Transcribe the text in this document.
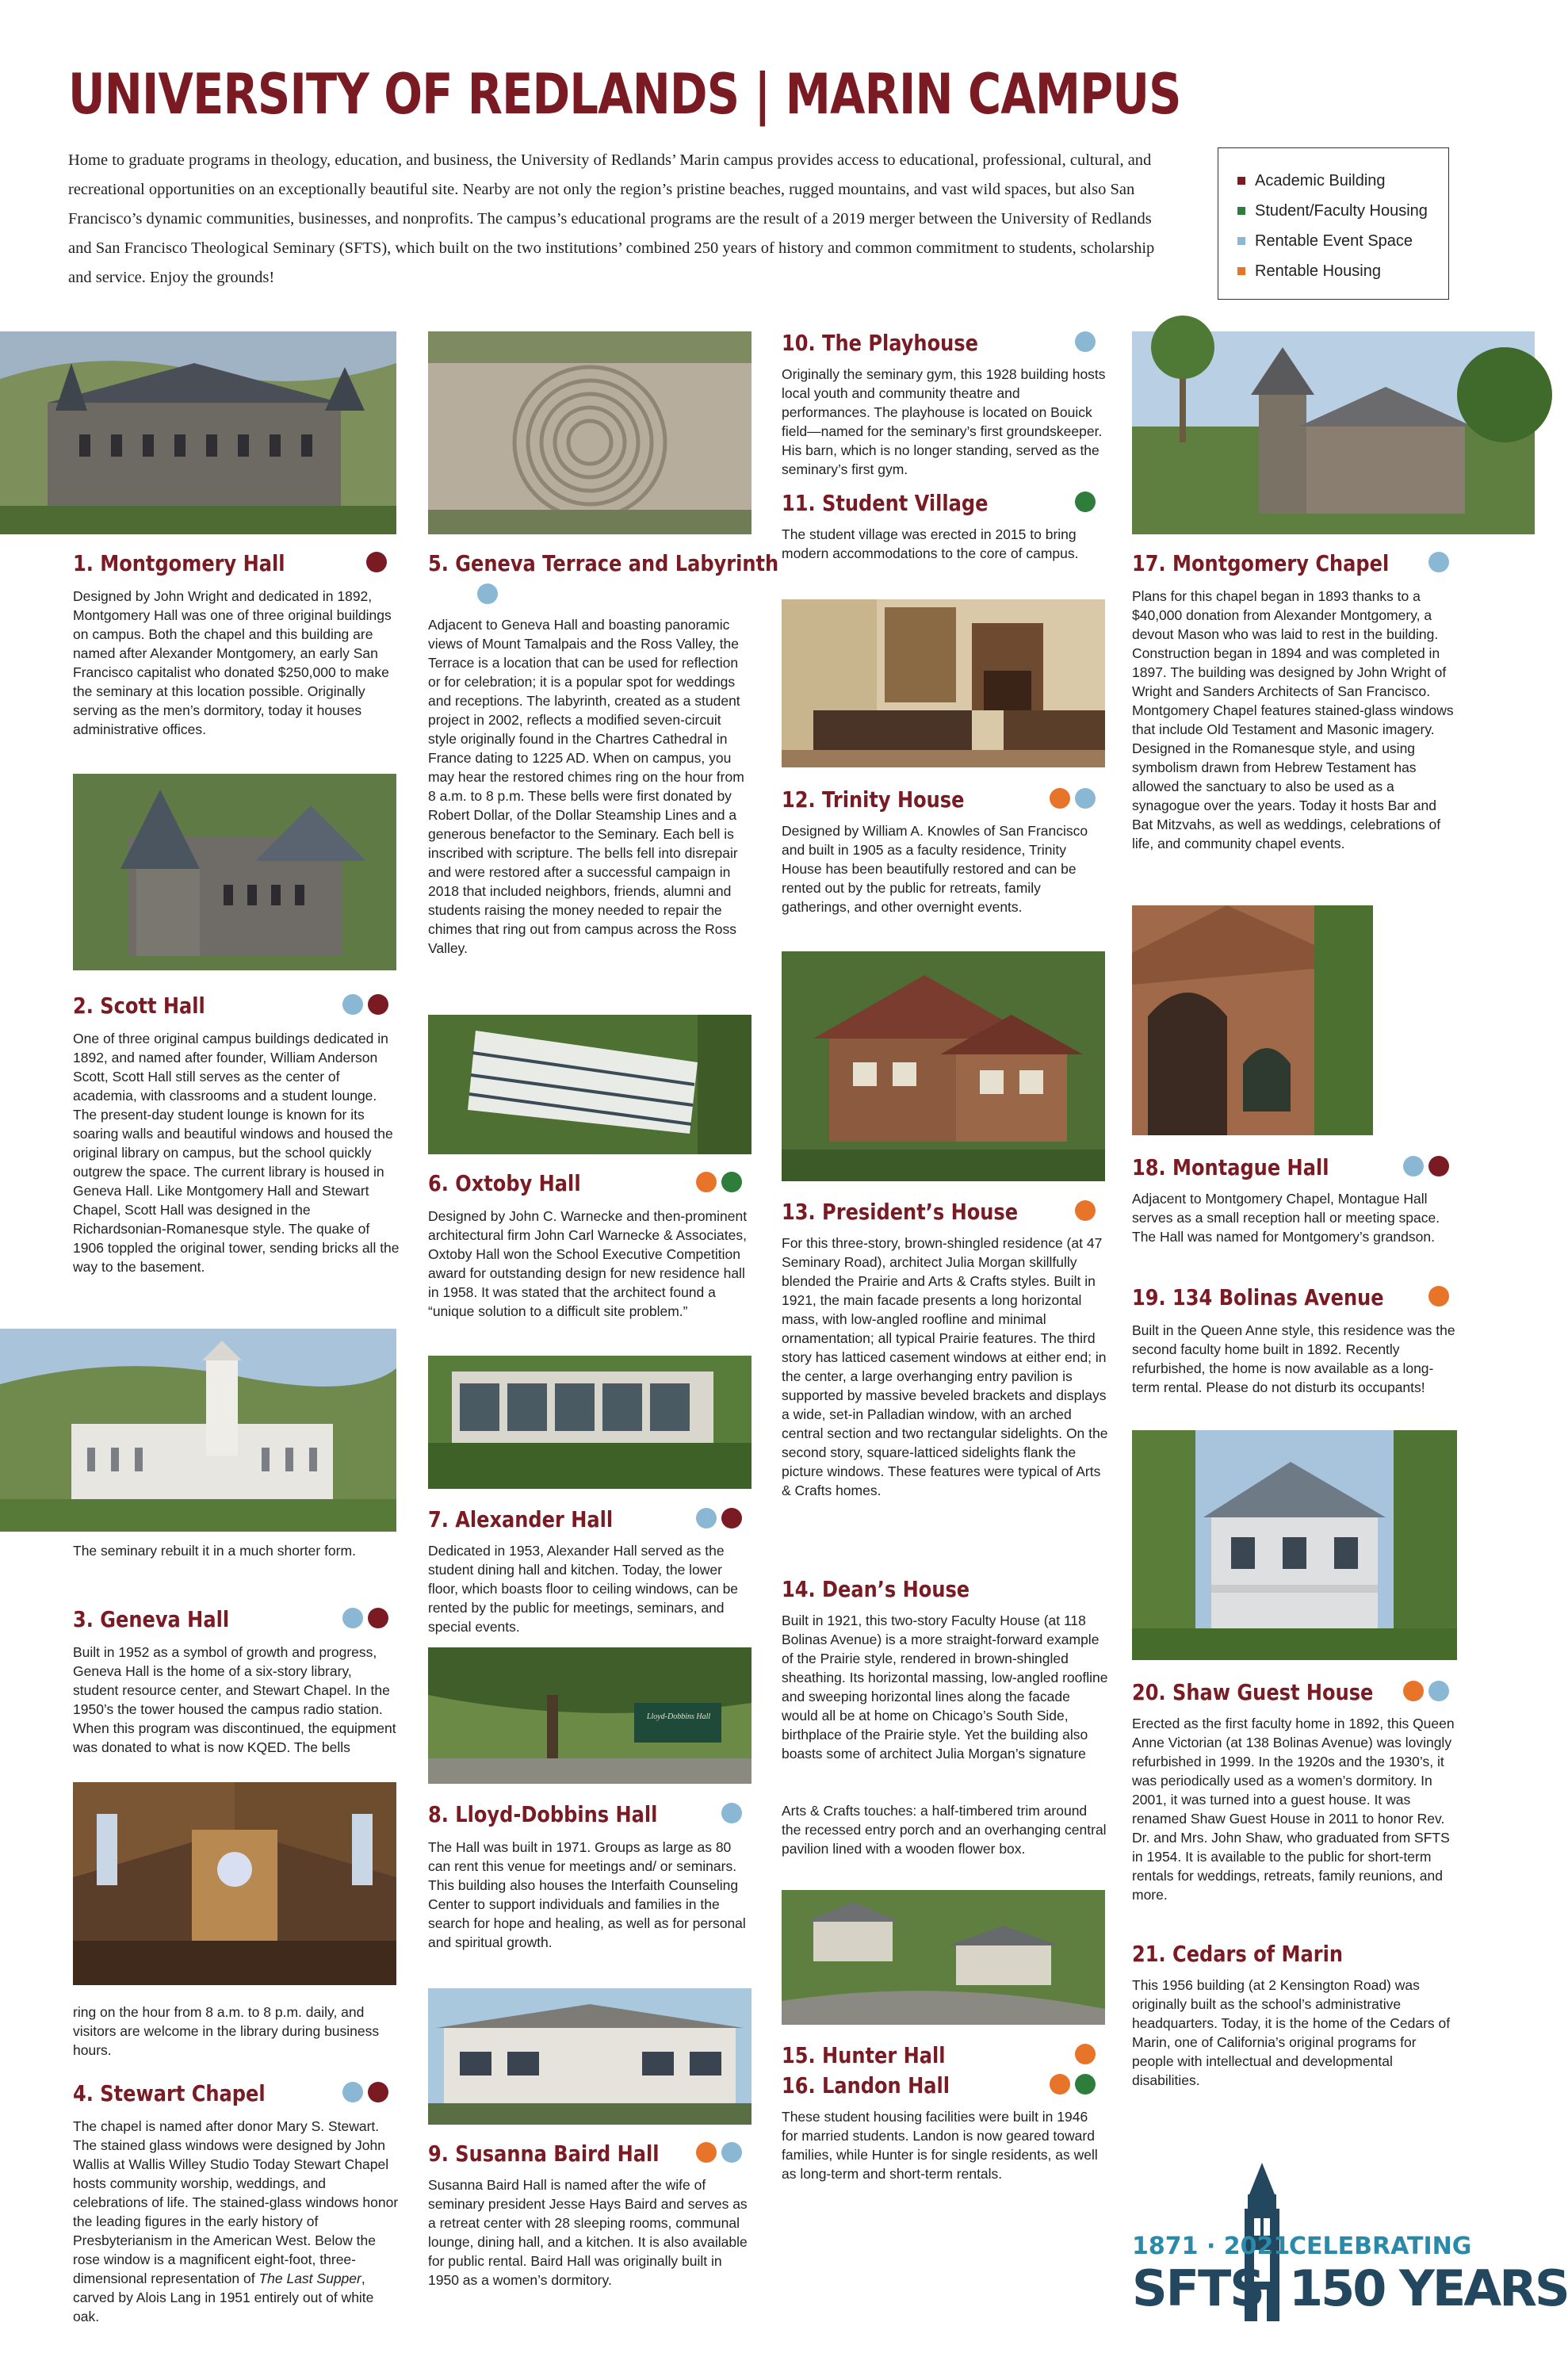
UNIVERSITY OF REDLANDS | MARIN CAMPUS

Home to graduate programs in theology, education, and business, the University of Redlands’ Marin campus provides access to educational, professional, cultural, and recreational opportunities on an exceptionally beautiful site. Nearby are not only the region’s pristine beaches, rugged mountains, and vast wild spaces, but also San Francisco’s dynamic communities, businesses, and nonprofits. The campus’s educational programs are the result of a 2019 merger between the University of Redlands and San Francisco Theological Seminary (SFTS), which built on the two institutions’ combined 250 years of history and common commitment to students, scholarship and service. Enjoy the grounds!

Academic Building
Student/Faculty Housing
Rentable Event Space
Rentable Housing
1. Montgomery Hall

Designed by John Wright and dedicated in 1892, Montgomery Hall was one of three original buildings on campus. Both the chapel and this building are named after Alexander Montgomery, an early San Francisco capitalist who donated $250,000 to make the seminary at this location possible. Originally serving as the men’s dormitory, today it houses administrative offices.

2. Scott Hall

One of three original campus buildings dedicated in 1892, and named after founder, William Anderson Scott, Scott Hall still serves as the center of academia, with classrooms and a student lounge. The present-day student lounge is known for its soaring walls and beautiful windows and housed the original library on campus, but the school quickly outgrew the space. The current library is housed in Geneva Hall. Like Montgomery Hall and Stewart Chapel, Scott Hall was designed in the Richardsonian-Romanesque style. The quake of 1906 toppled the original tower, sending bricks all the way to the basement.

The seminary rebuilt it in a much shorter form.

3. Geneva Hall

Built in 1952 as a symbol of growth and progress, Geneva Hall is the home of a six-story library, student resource center, and Stewart Chapel. In the 1950’s the tower housed the campus radio station. When this program was discontinued, the equipment was donated to what is now KQED. The bells

ring on the hour from 8 a.m. to 8 p.m. daily, and visitors are welcome in the library during business hours.

4. Stewart Chapel

The chapel is named after donor Mary S. Stewart. The stained glass windows were designed by John Wallis at Wallis Willey Studio Today Stewart Chapel hosts community worship, weddings, and celebrations of life. The stained-glass windows honor the leading figures in the early history of Presbyterianism in the American West. Below the rose window is a magnificent eight-foot, three-dimensional representation of The Last Supper, carved by Alois Lang in 1951 entirely out of white oak.

5. Geneva Terrace and Labyrinth

Adjacent to Geneva Hall and boasting panoramic views of Mount Tamalpais and the Ross Valley, the Terrace is a location that can be used for reflection or for celebration; it is a popular spot for weddings and receptions. The labyrinth, created as a student project in 2002, reflects a modified seven-circuit style originally found in the Chartres Cathedral in France dating to 1225 AD. When on campus, you may hear the restored chimes ring on the hour from 8 a.m. to 8 p.m. These bells were first donated by Robert Dollar, of the Dollar Steamship Lines and a generous benefactor to the Seminary. Each bell is inscribed with scripture. The bells fell into disrepair and were restored after a successful campaign in 2018 that included neighbors, friends, alumni and students raising the money needed to repair the chimes that ring out from campus across the Ross Valley.

6. Oxtoby Hall

Designed by John C. Warnecke and then-prominent architectural firm John Carl Warnecke & Associates, Oxtoby Hall won the School Executive Competition award for outstanding design for new residence hall in 1958. It was stated that the architect found a “unique solution to a difficult site problem.”

7. Alexander Hall

Dedicated in 1953, Alexander Hall served as the student dining hall and kitchen. Today, the lower floor, which boasts floor to ceiling windows, can be rented by the public for meetings, seminars, and special events.

Lloyd-Dobbins Hall
8. Lloyd-Dobbins Hall

The Hall was built in 1971. Groups as large as 80 can rent this venue for meetings and/ or seminars. This building also houses the Interfaith Counseling Center to support individuals and families in the search for hope and healing, as well as for personal and spiritual growth.

9. Susanna Baird Hall

Susanna Baird Hall is named after the wife of seminary president Jesse Hays Baird and serves as a retreat center with 28 sleeping rooms, communal lounge, dining hall, and a kitchen. It is also available for public rental. Baird Hall was originally built in 1950 as a women’s dormitory.

10. The Playhouse

Originally the seminary gym, this 1928 building hosts local youth and community theatre and performances. The playhouse is located on Bouick field—named for the seminary’s first groundskeeper. His barn, which is no longer standing, served as the seminary’s first gym.

11. Student Village

The student village was erected in 2015 to bring modern accommodations to the core of campus.

12. Trinity House

Designed by William A. Knowles of San Francisco and built in 1905 as a faculty residence, Trinity House has been beautifully restored and can be rented out by the public for retreats, family gatherings, and other overnight events.

13. President’s House

For this three-story, brown-shingled residence (at 47 Seminary Road), architect Julia Morgan skillfully blended the Prairie and Arts & Crafts styles. Built in 1921, the main facade presents a long horizontal mass, with low-angled roofline and minimal ornamentation; all typical Prairie features. The third story has latticed casement windows at either end; in the center, a large overhanging entry pavilion is supported by massive beveled brackets and displays a wide, set-in Palladian window, with an arched central section and two rectangular sidelights. On the second story, square-latticed sidelights flank the picture windows. These features were typical of Arts & Crafts homes.

14. Dean’s House

Built in 1921, this two-story Faculty House (at 118 Bolinas Avenue) is a more straight-forward example of the Prairie style, rendered in brown-shingled sheathing. Its horizontal massing, low-angled roofline and sweeping horizontal lines along the facade would all be at home on Chicago’s South Side, birthplace of the Prairie style. Yet the building also boasts some of architect Julia Morgan’s signature

Arts & Crafts touches: a half-timbered trim around the recessed entry porch and an overhanging central pavilion lined with a wooden flower box.

15. Hunter Hall
16. Landon Hall

These student housing facilities were built in 1946 for married students. Landon is now geared toward families, while Hunter is for single residents, as well as long-term and short-term rentals.

17. Montgomery Chapel

Plans for this chapel began in 1893 thanks to a $40,000 donation from Alexander Montgomery, a devout Mason who was laid to rest in the building. Construction began in 1894 and was completed in 1897. The building was designed by John Wright of Wright and Sanders Architects of San Francisco. Montgomery Chapel features stained-glass windows that include Old Testament and Masonic imagery. Designed in the Romanesque style, and using symbolism drawn from Hebrew Testament has allowed the sanctuary to also be used as a synagogue over the years. Today it hosts Bar and Bat Mitzvahs, as well as weddings, celebrations of life, and community chapel events.

18. Montague Hall

Adjacent to Montgomery Chapel, Montague Hall serves as a small reception hall or meeting space. The Hall was named for Montgomery’s grandson.

19. 134 Bolinas Avenue

Built in the Queen Anne style, this residence was the second faculty home built in 1892. Recently refurbished, the home is now available as a long-term rental. Please do not disturb its occupants!

20. Shaw Guest House

Erected as the first faculty home in 1892, this Queen Anne Victorian (at 138 Bolinas Avenue) was lovingly refurbished in 1999. In the 1920s and the 1930’s, it was periodically used as a women’s dormitory. In 2001, it was turned into a guest house. It was renamed Shaw Guest House in 2011 to honor Rev. Dr. and Mrs. John Shaw, who graduated from SFTS in 1954. It is available to the public for short-term rentals for weddings, retreats, family reunions, and more.

21. Cedars of Marin

This 1956 building (at 2 Kensington Road) was originally built as the school’s administrative headquarters. Today, it is the home of the Cedars of Marin, one of California’s original programs for people with intellectual and developmental disabilities.

1871 · 2021
SFTS
CELEBRATING
150 YEARS
